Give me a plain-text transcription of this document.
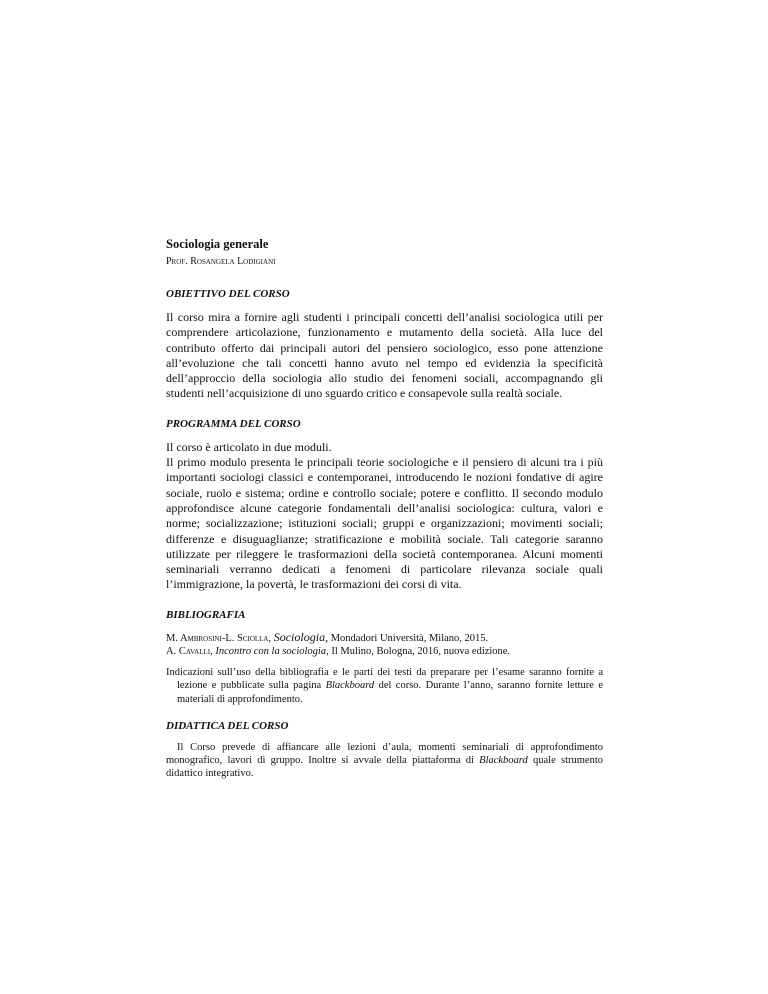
Sociologia generale

Prof. Rosangela Lodigiani

OBIETTIVO DEL CORSO

Il corso mira a fornire agli studenti i principali concetti dell’analisi sociologica utili per comprendere articolazione, funzionamento e mutamento della società. Alla luce del contributo offerto dai principali autori del pensiero sociologico, esso pone attenzione all’evoluzione che tali concetti hanno avuto nel tempo ed evidenzia la specificità dell’approccio della sociologia allo studio dei fenomeni sociali, accompagnando gli studenti nell’acquisizione di uno sguardo critico e consapevole sulla realtà sociale.

PROGRAMMA DEL CORSO

Il corso è articolato in due moduli.

Il primo modulo presenta le principali teorie sociologiche e il pensiero di alcuni tra i più importanti sociologi classici e contemporanei, introducendo le nozioni fondative di agire sociale, ruolo e sistema; ordine e controllo sociale; potere e conflitto. Il secondo modulo approfondisce alcune categorie fondamentali dell’analisi sociologica: cultura, valori e norme; socializzazione; istituzioni sociali; gruppi e organizzazioni; movimenti sociali; differenze e disuguaglianze; stratificazione e mobilità sociale. Tali categorie saranno utilizzate per rileggere le trasformazioni della società contemporanea. Alcuni momenti seminariali verranno dedicati a fenomeni di particolare rilevanza sociale quali l’immigrazione, la povertà, le trasformazioni dei corsi di vita.

BIBLIOGRAFIA

M. Ambrosini-L. Sciolla, Sociologia, Mondadori Università, Milano, 2015.

A. Cavalli, Incontro con la sociologia, Il Mulino, Bologna, 2016, nuova edizione.

Indicazioni sull’uso della bibliografia e le parti dei testi da preparare per l’esame saranno fornite a lezione e pubblicate sulla pagina Blackboard del corso. Durante l’anno, saranno fornite letture e materiali di approfondimento.

DIDATTICA DEL CORSO

Il Corso prevede di affiancare alle lezioni d’aula, momenti seminariali di approfondimento monografico, lavori di gruppo. Inoltre si avvale della piattaforma di Blackboard quale strumento didattico integrativo.
